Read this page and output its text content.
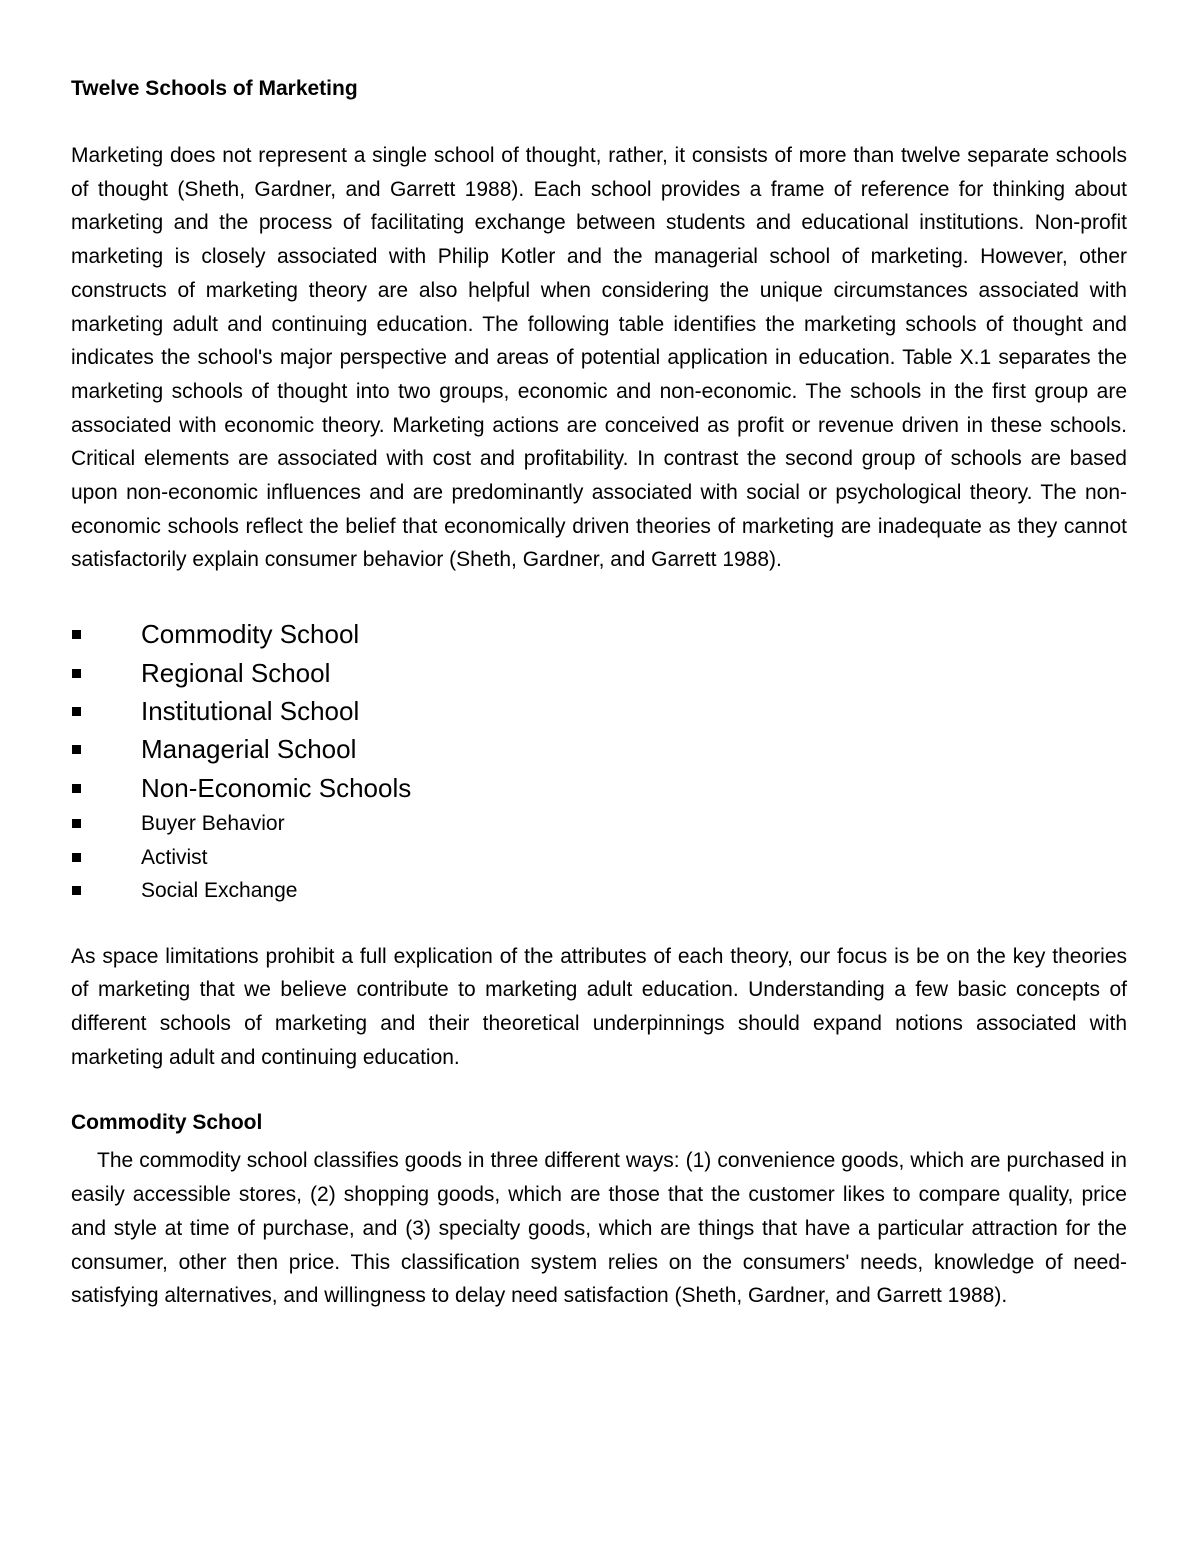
Twelve Schools of Marketing

Marketing does not represent a single school of thought, rather, it consists of more than twelve separate schools of thought (Sheth, Gardner, and Garrett 1988). Each school provides a frame of reference for thinking about marketing and the process of facilitating exchange between students and educational institutions. Non-profit marketing is closely associated with Philip Kotler and the managerial school of marketing. However, other constructs of marketing theory are also helpful when considering the unique circumstances associated with marketing adult and continuing education. The following table identifies the marketing schools of thought and indicates the school's major perspective and areas of potential application in education. Table X.1 separates the marketing schools of thought into two groups, economic and non-economic. The schools in the first group are associated with economic theory. Marketing actions are conceived as profit or revenue driven in these schools. Critical elements are associated with cost and profitability. In contrast the second group of schools are based upon non-economic influences and are predominantly associated with social or psychological theory. The non-economic schools reflect the belief that economically driven theories of marketing are inadequate as they cannot satisfactorily explain consumer behavior (Sheth, Gardner, and Garrett 1988).

Commodity School
Regional School
Institutional School
Managerial School
Non-Economic Schools
Buyer Behavior
Activist
Social Exchange

As space limitations prohibit a full explication of the attributes of each theory, our focus is be on the key theories of marketing that we believe contribute to marketing adult education. Understanding a few basic concepts of different schools of marketing and their theoretical underpinnings should expand notions associated with marketing adult and continuing education.

Commodity School

The commodity school classifies goods in three different ways: (1) convenience goods, which are purchased in easily accessible stores, (2) shopping goods, which are those that the customer likes to compare quality, price and style at time of purchase, and (3) specialty goods, which are things that have a particular attraction for the consumer, other then price. This classification system relies on the consumers' needs, knowledge of need-satisfying alternatives, and willingness to delay need satisfaction (Sheth, Gardner, and Garrett 1988).
